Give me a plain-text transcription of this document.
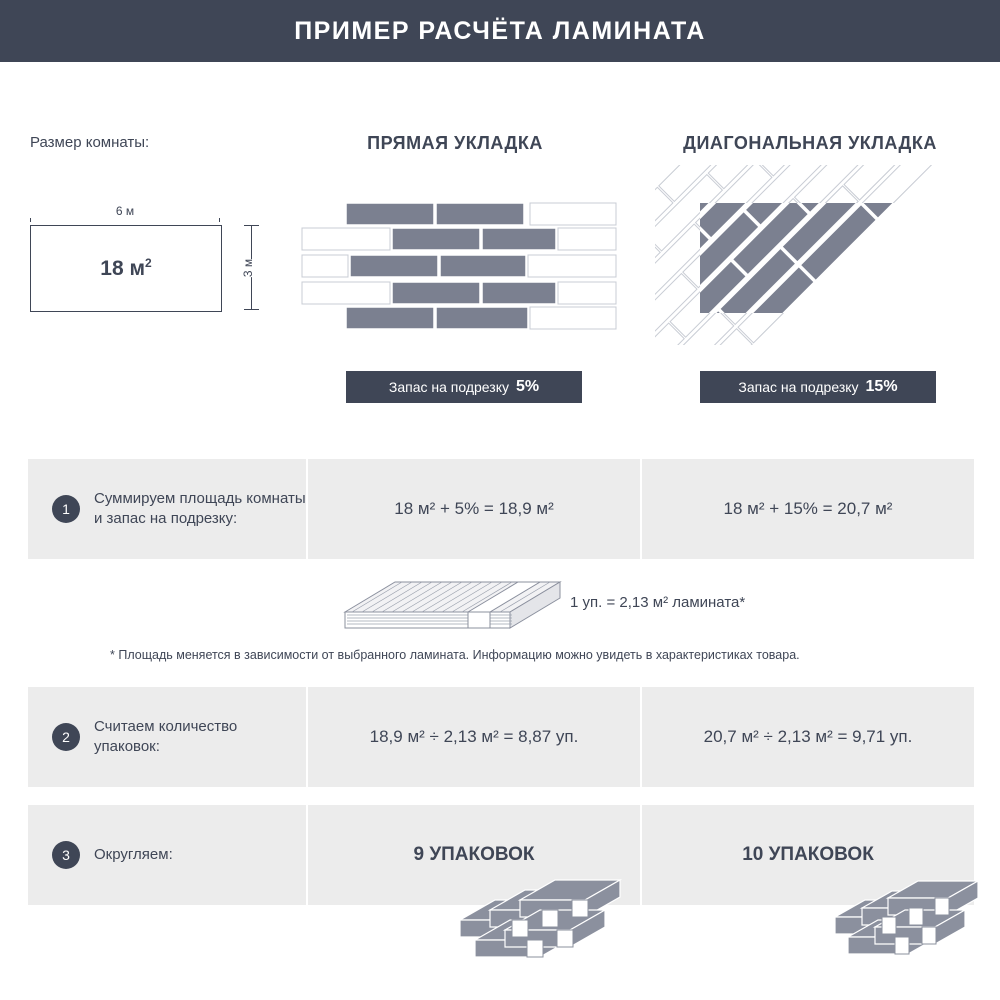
ПРИМЕР РАСЧЁТА ЛАМИНАТА
Размер комнаты:
6 м
18 $м^2$	3 м
ПРЯМАЯ УКЛАДКА	ДИАГОНАЛЬНАЯ УКЛАДКА
Запас на подрезку 5%	Запас на подрезку 15%
1
Суммируем площадь комнаты и запас на подрезку:
18 м² + 5% = 18,9 м²	18 м² + 15% = 20,7 м²
1 уп. = 2,13 м² ламината*
* Площадь меняется в зависимости от выбранного ламината. Информацию можно увидеть в характеристиках товара.
2
Считаем количество упаковок:
18,9 м² ÷ 2,13 м² = 8,87 уп.	20,7 м² ÷ 2,13 м² = 9,71 уп.
3	Округляем:	9 УПАКОВОК	10 УПАКОВОК
